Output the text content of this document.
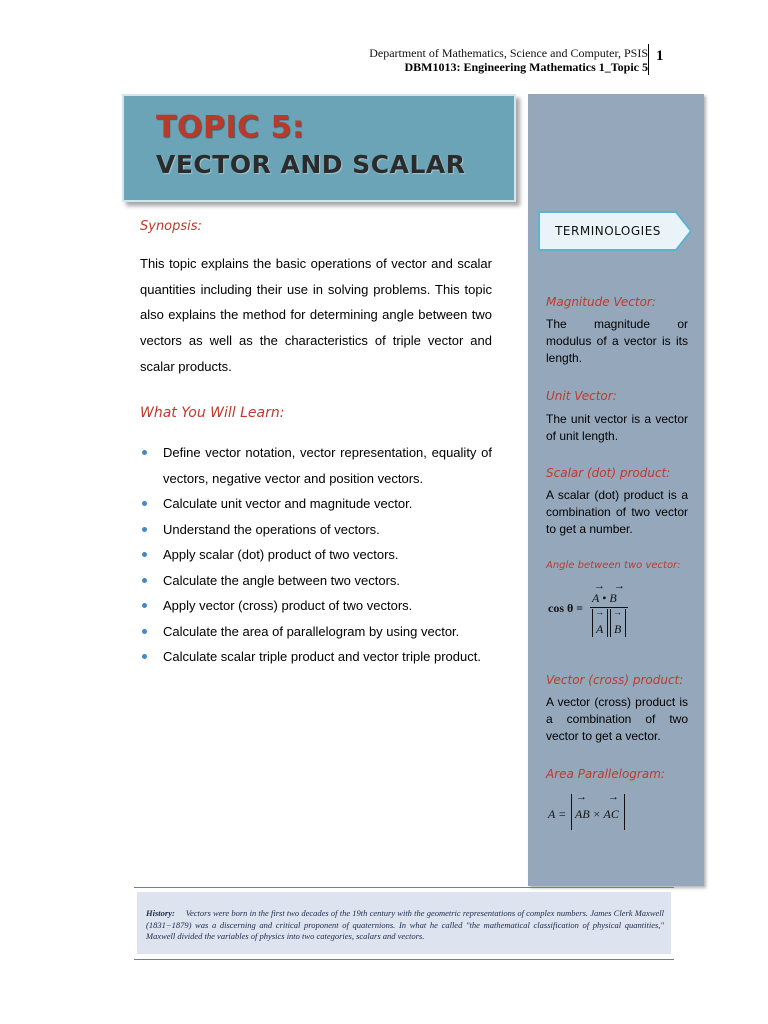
Department of Mathematics, Science and Computer, PSIS
DBM1013: Engineering Mathematics 1_Topic 5
1
TOPIC 5:
VECTOR AND SCALAR
TERMINOLOGIES
Synopsis:
This topic explains the basic operations of vector and scalar quantities including their use in solving problems. This topic also explains the method for determining angle between two vectors as well as the characteristics of triple vector and scalar products.
What You Will Learn:
Define vector notation, vector representation, equality of vectors, negative vector and position vectors.
Calculate unit vector and magnitude vector.
Understand the operations of vectors.
Apply scalar (dot) product of two vectors.
Calculate the angle between two vectors.
Apply vector (cross) product of two vectors.
Calculate the area of parallelogram by using vector.
Calculate scalar triple product and vector triple product.
Magnitude Vector:
The magnitude or modulus of a vector is its length.
Unit Vector:
The unit vector is a vector of unit length.
Scalar (dot) product:
A scalar (dot) product is a combination of two vector to get a number.
Angle between two vector:
cos θ =
→→
A • B
→ →
A B
Vector (cross) product:
A vector (cross) product is a combination of two vector to get a vector.
Area Parallelogram:
A =
→ →
AB × AC
History: Vectors were born in the first two decades of the 19th century with the geometric representations of complex numbers. James Clerk Maxwell (1831−1879) was a discerning and critical proponent of quaternions. In what he called "the mathematical classification of physical quantities," Maxwell divided the variables of physics into two categories, scalars and vectors.
